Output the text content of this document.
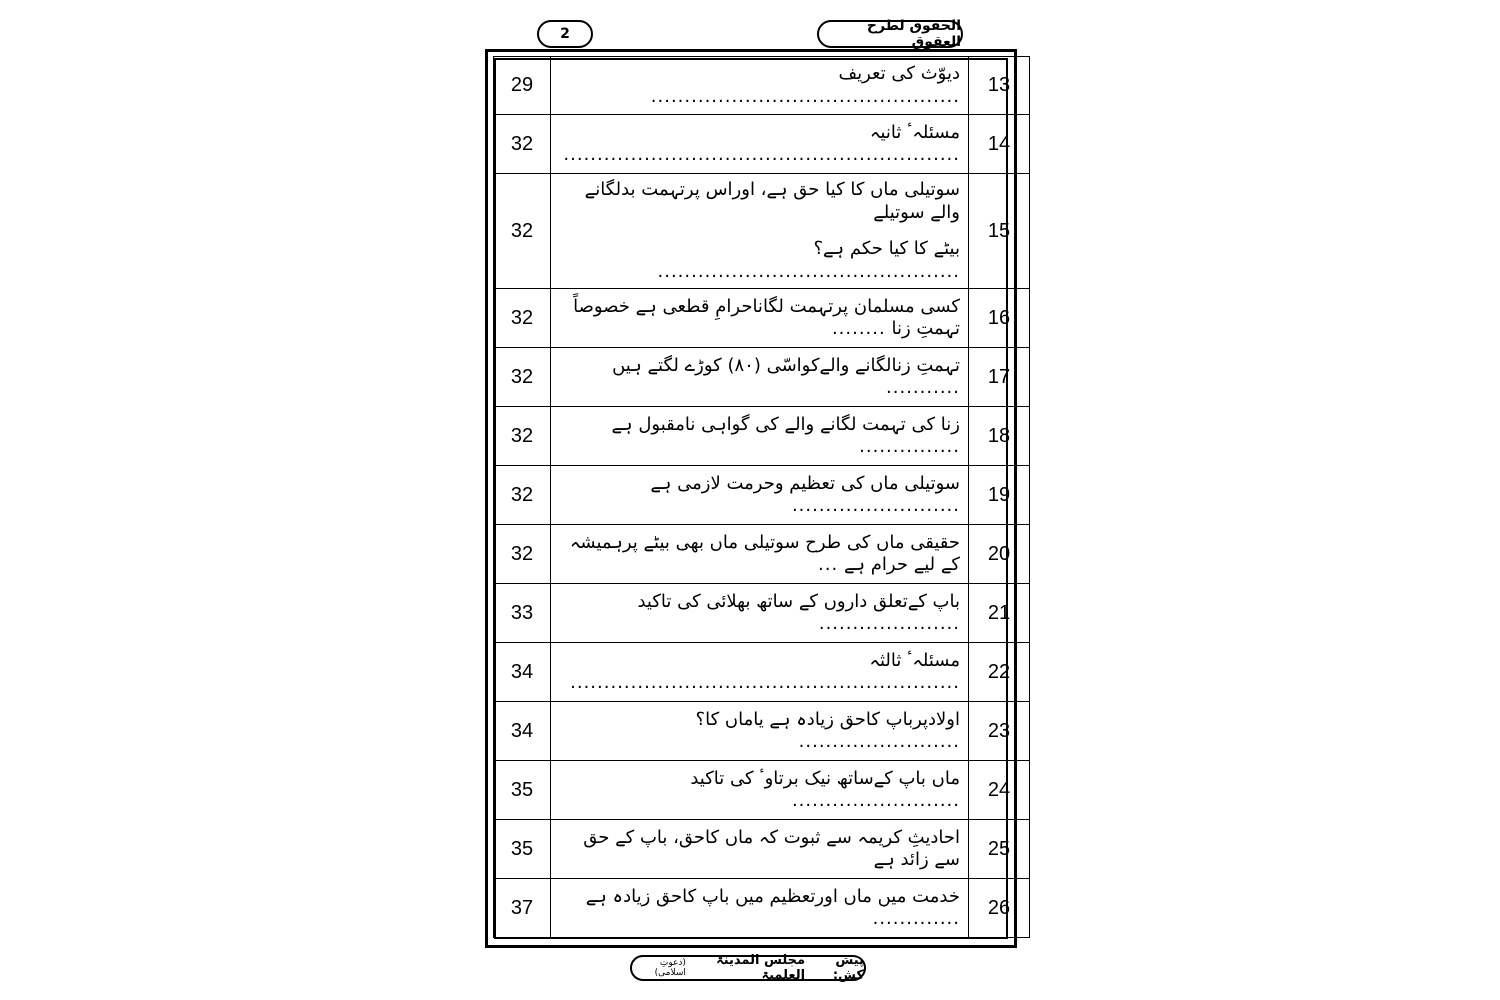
2	الحقوق لطرح العقوق
29	دیوّث کی تعریف ..............................................	13
32	مسئلہٴ ثانیہ ...........................................................	14
32	سوتیلی ماں کا کیا حق ہے، اوراس پرتہمت بدلگانے والے سوتیلے
بیٹے کا کیا حکم ہے؟ .............................................	15
32	کسی مسلمان پرتہمت لگاناحرامِ قطعی ہے خصوصاً تہمتِ زنا ........	16
32	تہمتِ زنالگانے والےکواسّی (۸۰) کوڑے لگتے ہیں ...........	17
32	زنا کی تہمت لگانے والے کی گواہی نامقبول ہے ...............	18
32	سوتیلی ماں کی تعظیم وحرمت لازمی ہے .........................	19
32	حقیقی ماں کی طرح سوتیلی ماں بھی بیٹے پرہمیشہ کے لیے حرام ہے ...	20
33	باپ کےتعلق داروں کے ساتھ بھلائی کی تاکید .....................	21
34	مسئلہٴ ثالثہ ..........................................................	22
34	اولادپرباپ کاحق زیادہ ہے یاماں کا؟ ........................	23
35	ماں باپ کےساتھ نیک برتاوٴ کی تاکید .........................	24
35	احادیثِ کریمہ سے ثبوت کہ ماں کاحق، باپ کے حق سے زائد ہے	25
37	خدمت میں ماں اورتعظیم میں باپ کاحق زیادہ ہے .............	26
پیش کش:

مجلس المدینۃ العلمیۃ
(دعوتِ اسلامی)
